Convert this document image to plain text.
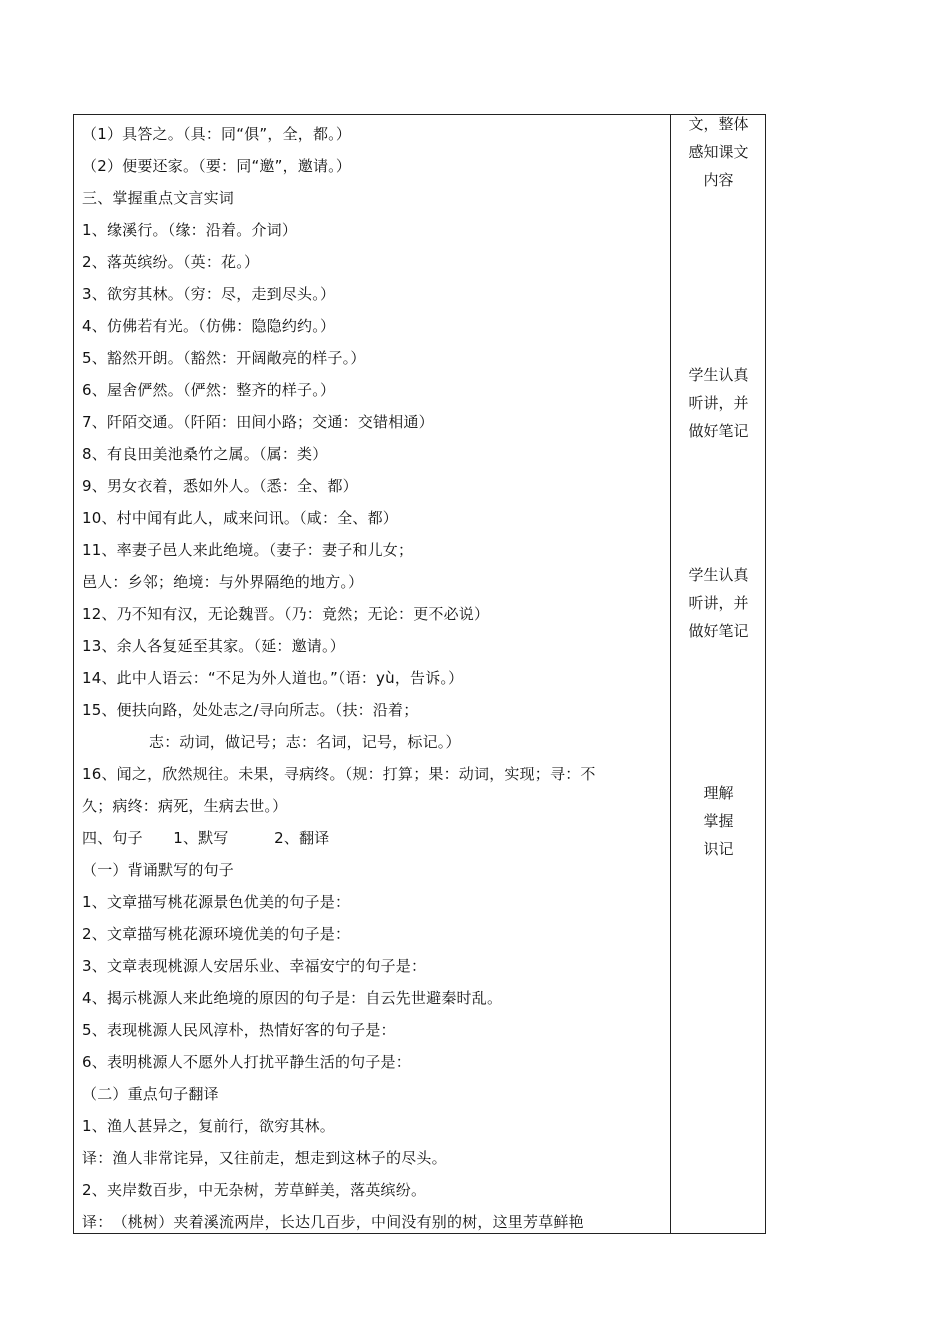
（1）具答之。（具：同“俱”，全，都。）
（2）便要还家。（要：同“邀”，邀请。）
三、掌握重点文言实词
1、缘溪行。（缘：沿着。介词）
2、落英缤纷。（英：花。）
3、欲穷其林。（穷：尽，走到尽头。）
4、仿佛若有光。（仿佛：隐隐约约。）
5、豁然开朗。（豁然：开阔敞亮的样子。）
6、屋舍俨然。（俨然：整齐的样子。）
7、阡陌交通。（阡陌：田间小路；交通：交错相通）
8、有良田美池桑竹之属。（属：类）
9、男女衣着，悉如外人。（悉：全、都）
10、村中闻有此人，咸来问讯。（咸：全、都）
11、率妻子邑人来此绝境。（妻子：妻子和儿女；
邑人：乡邻；绝境：与外界隔绝的地方。）
12、乃不知有汉，无论魏晋。（乃：竟然；无论：更不必说）
13、余人各复延至其家。（延：邀请。）
14、此中人语云：“不足为外人道也。”（语：yù，告诉。）
15、便扶向路，处处志之/寻向所志。（扶：沿着；
志：动词，做记号；志：名词，记号，标记。）
16、闻之，欣然规往。未果，寻病终。（规：打算；果：动词，实现；寻：不
久；病终：病死，生病去世。）
四、句子　　1、默写　　　2、翻译
（一）背诵默写的句子
1、文章描写桃花源景色优美的句子是：
2、文章描写桃花源环境优美的句子是：
3、文章表现桃源人安居乐业、幸福安宁的句子是：
4、揭示桃源人来此绝境的原因的句子是：自云先世避秦时乱。
5、表现桃源人民风淳朴，热情好客的句子是：
6、表明桃源人不愿外人打扰平静生活的句子是：
（二）重点句子翻译
1、渔人甚异之，复前行，欲穷其林。
译：渔人非常诧异，又往前走，想走到这林子的尽头。
2、夹岸数百步，中无杂树，芳草鲜美，落英缤纷。
译：　（桃树）夹着溪流两岸，长达几百步，中间没有别的树，这里芳草鲜艳
文，整体
感知课文
内容
学生认真
听讲，并
做好笔记
学生认真
听讲，并
做好笔记
理解
掌握
识记
